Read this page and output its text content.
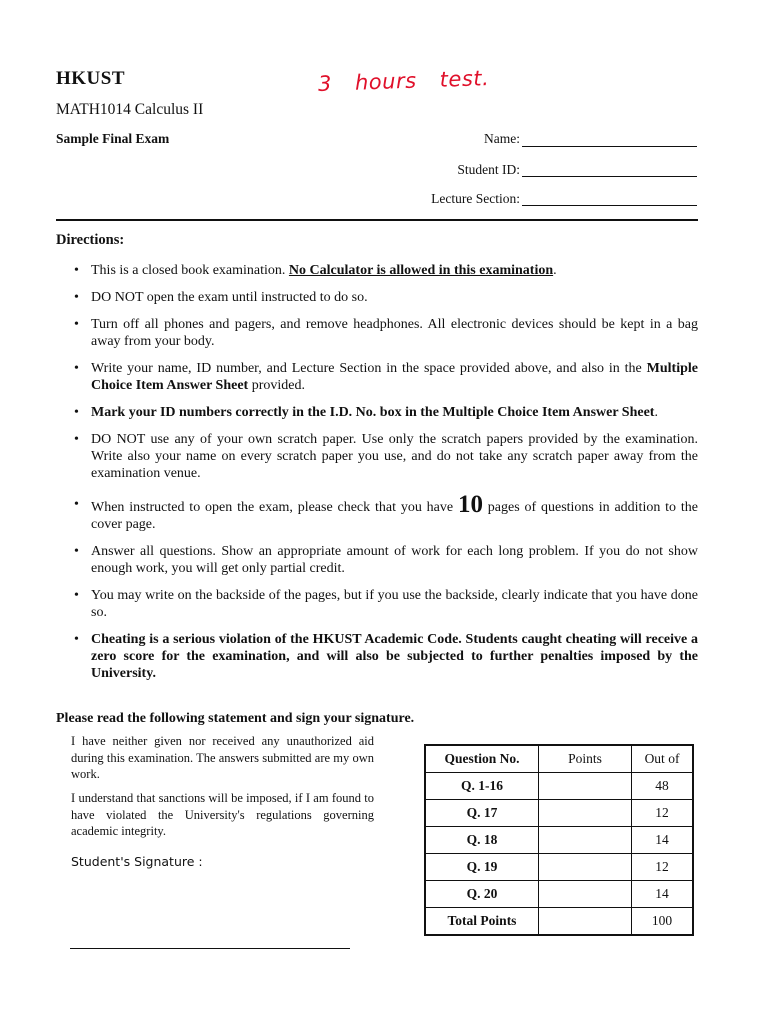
HKUST
MATH1014 Calculus II
Sample Final Exam
3 hours test.
Name:
Student ID:
Lecture Section:
Directions:
• This is a closed book examination. No Calculator is allowed in this examination.
• DO NOT open the exam until instructed to do so.
• Turn off all phones and pagers, and remove headphones. All electronic devices should be kept in a bag away from your body.
• Write your name, ID number, and Lecture Section in the space provided above, and also in the Multiple Choice Item Answer Sheet provided.
• Mark your ID numbers correctly in the I.D. No. box in the Multiple Choice Item Answer Sheet.
• DO NOT use any of your own scratch paper. Use only the scratch papers provided by the examination. Write also your name on every scratch paper you use, and do not take any scratch paper away from the examination venue.
• When instructed to open the exam, please check that you have 10 pages of questions in addition to the cover page.
• Answer all questions. Show an appropriate amount of work for each long problem. If you do not show enough work, you will get only partial credit.
• You may write on the backside of the pages, but if you use the backside, clearly indicate that you have done so.
• Cheating is a serious violation of the HKUST Academic Code. Students caught cheating will receive a zero score for the examination, and will also be subjected to further penalties imposed by the University.
Please read the following statement and sign your signature.
I have neither given nor received any unauthorized aid during this examination. The answers submitted are my own work.
I understand that sanctions will be imposed, if I am found to have violated the University's regulations governing academic integrity.
Student's Signature :
Question No.	Points	Out of
Q. 1-16		48
Q. 17		12
Q. 18		14
Q. 19		12
Q. 20		14
Total Points		100
